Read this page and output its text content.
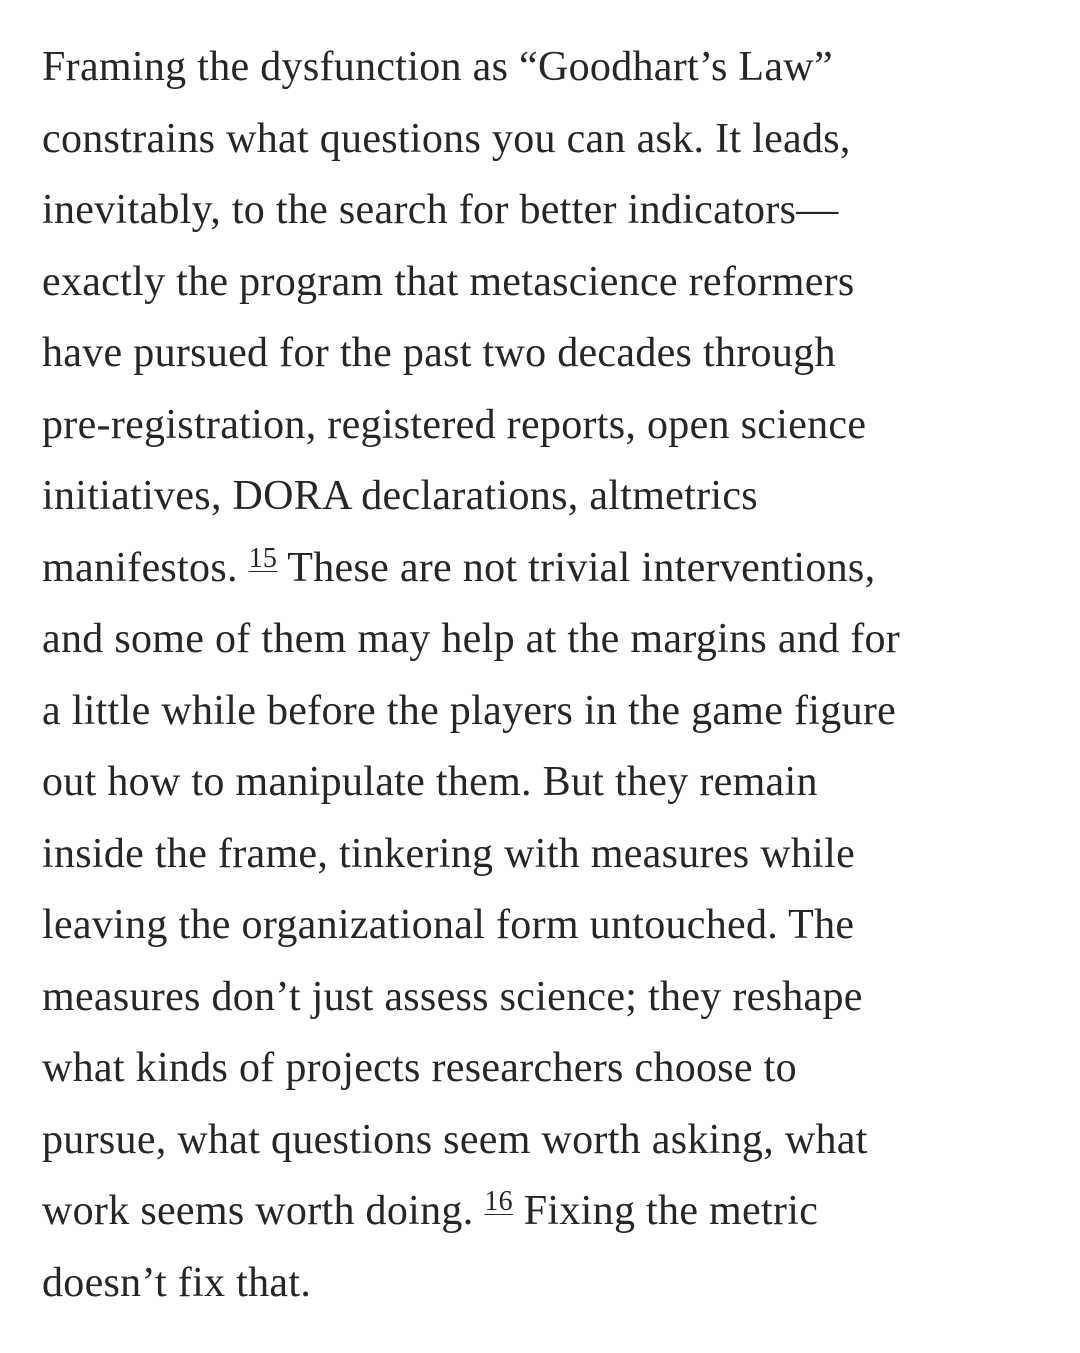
Framing the dysfunction as “Goodhart’s Law”
constrains what questions you can ask. It leads,
inevitably, to the search for better indicators—
exactly the program that metascience reformers
have pursued for the past two decades through
pre-registration, registered reports, open science
initiatives, DORA declarations, altmetrics
manifestos. $^{15}$ These are not trivial interventions,
and some of them may help at the margins and for
a little while before the players in the game figure
out how to manipulate them. But they remain
inside the frame, tinkering with measures while
leaving the organizational form untouched. The
measures don’t just assess science; they reshape
what kinds of projects researchers choose to
pursue, what questions seem worth asking, what
work seems worth doing. $^{16}$ Fixing the metric
doesn’t fix that.
